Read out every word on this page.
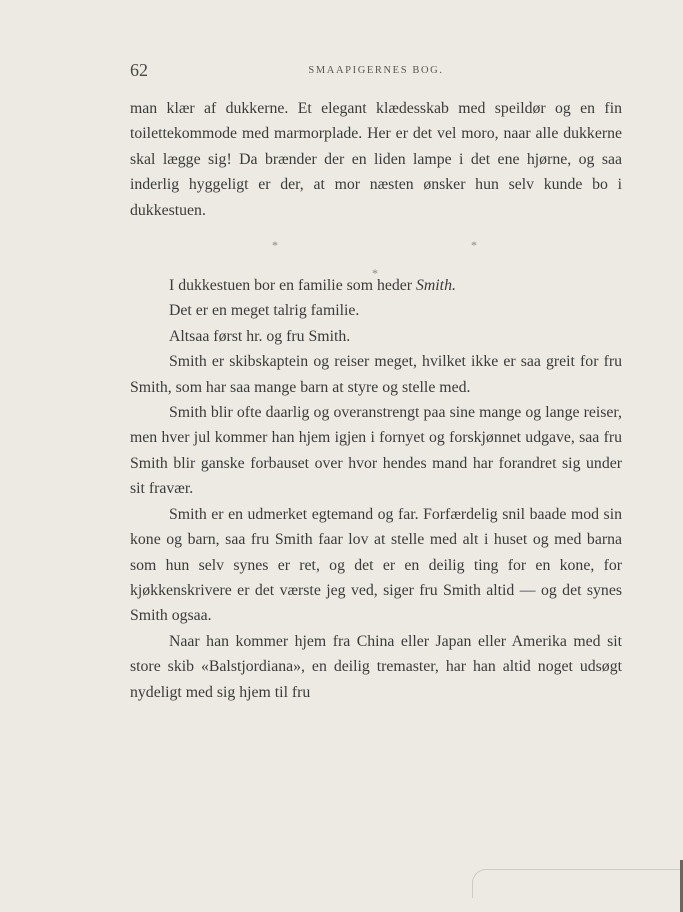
62	SMAAPIGERNES BOG.

man klær af dukkerne. Et elegant klædesskab med speildør og en fin toilettekommode med marmorplade. Her er det vel moro, naar alle dukkerne skal lægge sig! Da brænder der en liden lampe i det ene hjørne, og saa inderlig hyggeligt er der, at mor næsten ønsker hun selv kunde bo i dukkestuen.

*	*
*

I dukkestuen bor en familie som heder Smith.

Det er en meget talrig familie.

Altsaa først hr. og fru Smith.

Smith er skibskaptein og reiser meget, hvilket ikke er saa greit for fru Smith, som har saa mange barn at styre og stelle med.

Smith blir ofte daarlig og overanstrengt paa sine mange og lange reiser, men hver jul kommer han hjem igjen i fornyet og forskjønnet udgave, saa fru Smith blir ganske forbauset over hvor hendes mand har forandret sig under sit fravær.

Smith er en udmerket egtemand og far. Forfærdelig snil baade mod sin kone og barn, saa fru Smith faar lov at stelle med alt i huset og med barna som hun selv synes er ret, og det er en deilig ting for en kone, for kjøkkenskrivere er det værste jeg ved, siger fru Smith altid — og det synes Smith ogsaa.

Naar han kommer hjem fra China eller Japan eller Amerika med sit store skib «Balstjordiana», en deilig tremaster, har han altid noget udsøgt nydeligt med sig hjem til fru
